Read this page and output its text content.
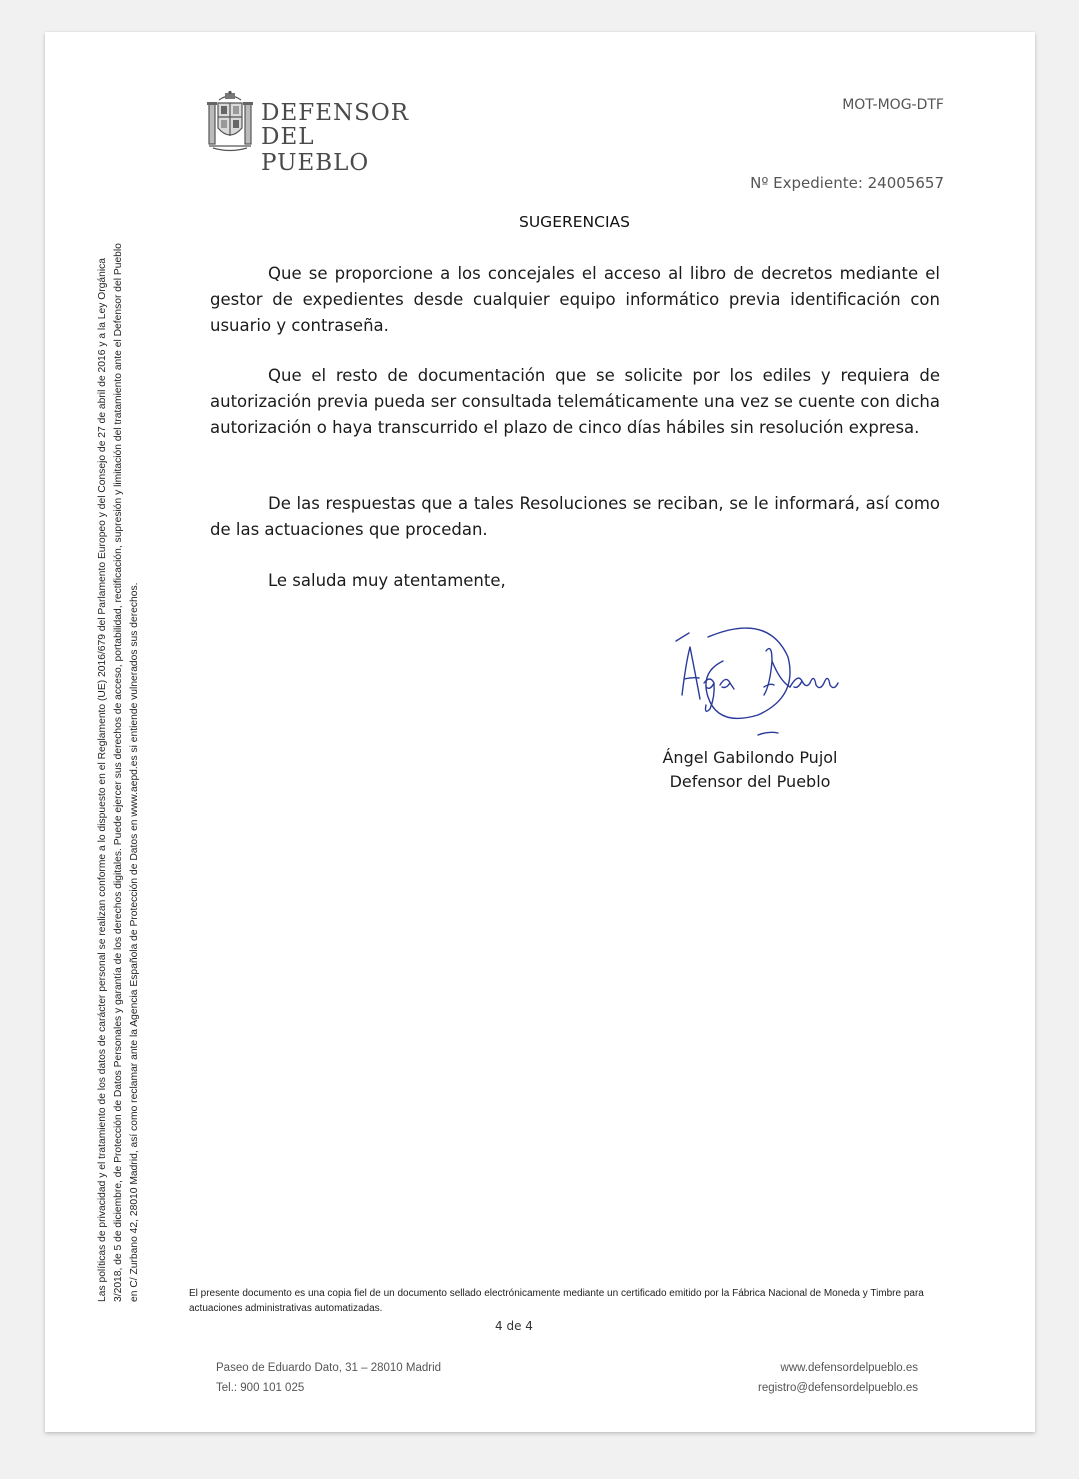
DEFENSOR
DEL PUEBLO
MOT-MOG-DTF
Nº Expediente: 24005657
SUGERENCIAS
Que se proporcione a los concejales el acceso al libro de decretos mediante el gestor de expedientes desde cualquier equipo informático previa identificación con usuario y contraseña.
Que el resto de documentación que se solicite por los ediles y requiera de autorización previa pueda ser consultada telemáticamente una vez se cuente con dicha autorización o haya transcurrido el plazo de cinco días hábiles sin resolución expresa.
De las respuestas que a tales Resoluciones se reciban, se le informará, así como de las actuaciones que procedan.
Le saluda muy atentamente,
Ángel Gabilondo Pujol
Defensor del Pueblo
Las políticas de privacidad y el tratamiento de los datos de carácter personal se realizan conforme a lo dispuesto en el Reglamento (UE) 2016/679 del Parlamento Europeo y del Consejo de 27 de abril de 2016 y a la Ley Orgánica 3/2018, de 5 de diciembre, de Protección de Datos Personales y garantía de los derechos digitales. Puede ejercer sus derechos de acceso, portabilidad, rectificación, supresión y limitación del tratamiento ante el Defensor del Pueblo en C/ Zurbano 42, 28010 Madrid, así como reclamar ante la Agencia Española de Protección de Datos en www.aepd.es si entiende vulnerados sus derechos.	El presente documento es una copia fiel de un documento sellado electrónicamente mediante un certificado emitido por la Fábrica Nacional de Moneda y Timbre para actuaciones administrativas automatizadas.
4 de 4
Paseo de Eduardo Dato, 31 – 28010 Madrid
Tel.: 900 101 025
www.defensordelpueblo.es
registro@defensordelpueblo.es
